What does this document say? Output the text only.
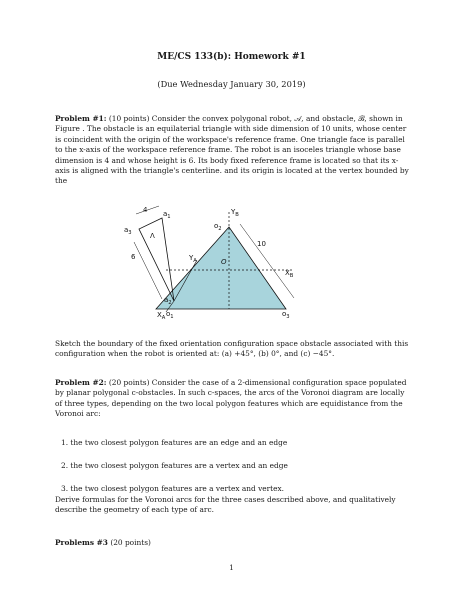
ME/CS 133(b): Homework #1
(Due Wednesday January 30, 2019)
Problem #1: (10 points) Consider the convex polygonal robot, 𝒜, and obstacle, ℬ, shown in Figure . The obstacle is an equilaterial triangle with side dimension of 10 units, whose center is coincident with the origin of the workspace's reference frame. One triangle face is parallel to the x-axis of the workspace reference frame. The robot is an isoceles triangle whose base dimension is 4 and whose height is 6. Its body fixed reference frame is located so that its x-axis is aligned with the triangle's centerline. and its origin is located at the vertex bounded by the
4
6
10
$a_1$
$a_3$
$a_2$
Λ
$Y_A$
$X_A$
$Y_B$
$X_B$
O
$o_2$
$o_1$	$o_3$
Sketch the boundary of the fixed orientation configuration space obstacle associated with this configuration when the robot is oriented at: (a) +45°, (b) 0°, and (c) −45°.
Problem #2: (20 points) Consider the case of a 2-dimensional configuration space populated by planar polygonal c-obstacles. In such c-spaces, the arcs of the Voronoi diagram are locally of three types, depending on the two local polygon features which are equidistance from the Voronoi arc:
1. the two closest polygon features are an edge and an edge
2. the two closest polygon features are a vertex and an edge
3. the two closest polygon features are a vertex and vertex.
Derive formulas for the Voronoi arcs for the three cases described above, and qualitatively describe the geometry of each type of arc.
Problems #3 (20 points)
1
